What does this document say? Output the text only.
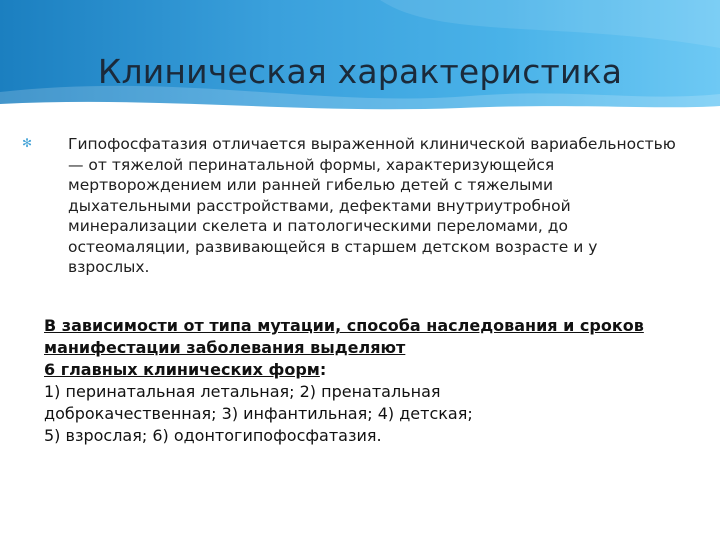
Клиническая характеристика
✻ Гипофосфатазия отличается выраженной клинической вариабельностью — от тяжелой перинатальной формы, характеризующейся мертворождением или ранней гибелью детей с тяжелыми дыхательными расстройствами, дефектами внутриутробной минерализации скелета и патологическими переломами, до остеомаляции, развивающейся в старшем детском возрасте и у взрослых.
В зависимости от типа мутации, способа наследования и сроков
манифестации заболевания выделяют
6 главных клинических форм:
1) перинатальная летальная; 2) пренатальная
доброкачественная; 3) инфантильная; 4) детская;
5) взрослая; 6) одонтогипофосфатазия.
